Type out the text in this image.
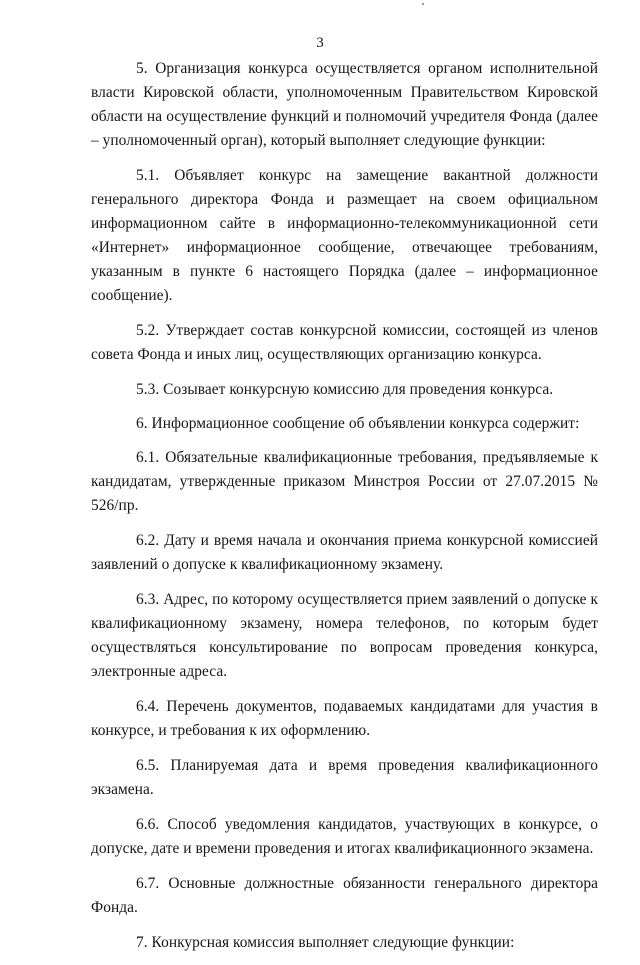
3

5. Организация конкурса осуществляется органом исполнительной власти Кировской области, уполномоченным Правительством Кировской области на осуществление функций и полномочий учредителя Фонда (далее – уполномоченный орган), который выполняет следующие функции:

5.1. Объявляет конкурс на замещение вакантной должности генерального директора Фонда и размещает на своем официальном информационном сайте в информационно-телекоммуникационной сети «Интернет» информационное сообщение, отвечающее требованиям, указанным в пункте 6 настоящего Порядка (далее – информационное сообщение).

5.2. Утверждает состав конкурсной комиссии, состоящей из членов совета Фонда и иных лиц, осуществляющих организацию конкурса.

5.3. Созывает конкурсную комиссию для проведения конкурса.

6. Информационное сообщение об объявлении конкурса содержит:

6.1. Обязательные квалификационные требования, предъявляемые к кандидатам, утвержденные приказом Минстроя России от 27.07.2015 № 526/пр.

6.2. Дату и время начала и окончания приема конкурсной комиссией заявлений о допуске к квалификационному экзамену.

6.3. Адрес, по которому осуществляется прием заявлений о допуске к квалификационному экзамену, номера телефонов, по которым будет осуществляться консультирование по вопросам проведения конкурса, электронные адреса.

6.4. Перечень документов, подаваемых кандидатами для участия в конкурсе, и требования к их оформлению.

6.5. Планируемая дата и время проведения квалификационного экзамена.

6.6. Способ уведомления кандидатов, участвующих в конкурсе, о допуске, дате и времени проведения и итогах квалификационного экзамена.

6.7. Основные должностные обязанности генерального директора Фонда.

7. Конкурсная комиссия выполняет следующие функции:
